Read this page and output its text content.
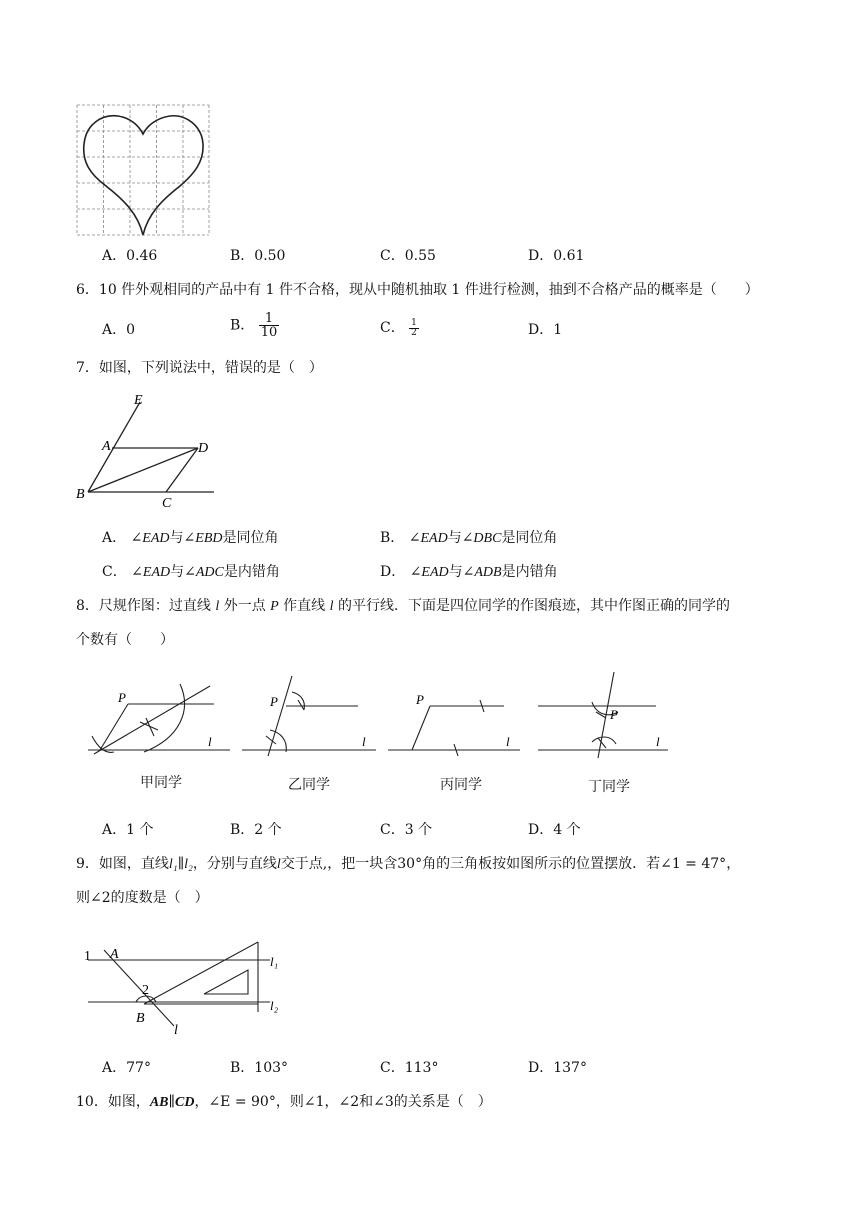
A．0.46	B．0.50	C．0.55	D．0.61
6．10 件外观相同的产品中有 1 件不合格，现从中随机抽取 1 件进行检测，抽到不合格产品的概率是（　　）
A．0	B． $\frac{1}{10}$	C． $\frac{1}{2}$	D．1
7．如图，下列说法中，错误的是（　）
E
A	D
B
C
A． ∠EAD与∠EBD是同位角	B． ∠EAD与∠DBC是同位角
C． ∠EAD与∠ADC是内错角	D． ∠EAD与∠ADB是内错角
8．尺规作图：过直线 l 外一点 P 作直线 l 的平行线．下面是四位同学的作图痕迹，其中作图正确的同学的
个数有（　　）
P
l
P
l
P
l
P
l
甲同学	乙同学	丙同学	丁同学
A．1 个	B．2 个	C．3 个	D．4 个
9．如图，直线l₁∥l₂，分别与直线l交于点,，把一块含30°角的三角板按如图所示的位置摆放．若∠1 = 47°，
则∠2的度数是（　）
1 A
2
B
l
l₁
l₂
A．77°	B．103°	C．113°	D．137°
10．如图，AB∥CD，∠E = 90°，则∠1，∠2和∠3的关系是（　）
